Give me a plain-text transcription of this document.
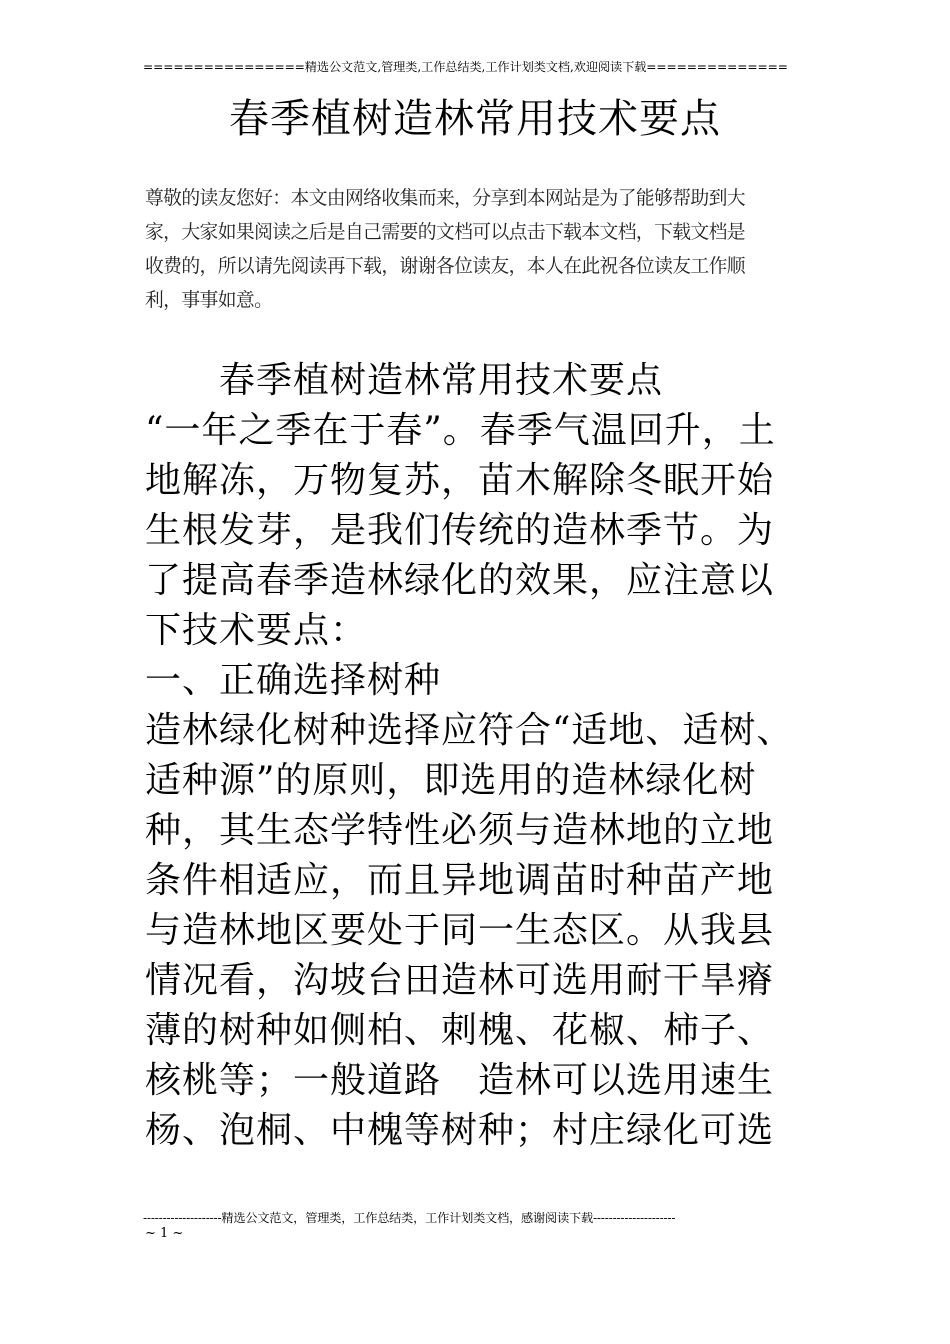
================精选公文范文,管理类,工作总结类,工作计划类文档,欢迎阅读下载==============
春季植树造林常用技术要点
尊敬的读友您好：本文由网络收集而来，分享到本网站是为了能够帮助到大
家，大家如果阅读之后是自己需要的文档可以点击下载本文档，下载文档是
收费的，所以请先阅读再下载，谢谢各位读友，本人在此祝各位读友工作顺
利，事事如意。
春季植树造林常用技术要点
“一年之季在于春”。春季气温回升，土
地解冻，万物复苏，苗木解除冬眠开始
生根发芽，是我们传统的造林季节。为
了提高春季造林绿化的效果，应注意以
下技术要点：
一、正确选择树种
造林绿化树种选择应符合“适地、适树、
适种源”的原则，即选用的造林绿化树
种，其生态学特性必须与造林地的立地
条件相适应，而且异地调苗时种苗产地
与造林地区要处于同一生态区。从我县
情况看，沟坡台田造林可选用耐干旱瘠
薄的树种如侧柏、刺槐、花椒、柿子、
核桃等；一般道路　造林可以选用速生
杨、泡桐、中槐等树种；村庄绿化可选
--------------------精选公文范文，管理类，工作总结类，工作计划类文档，感谢阅读下载---------------------
~ 1 ~
